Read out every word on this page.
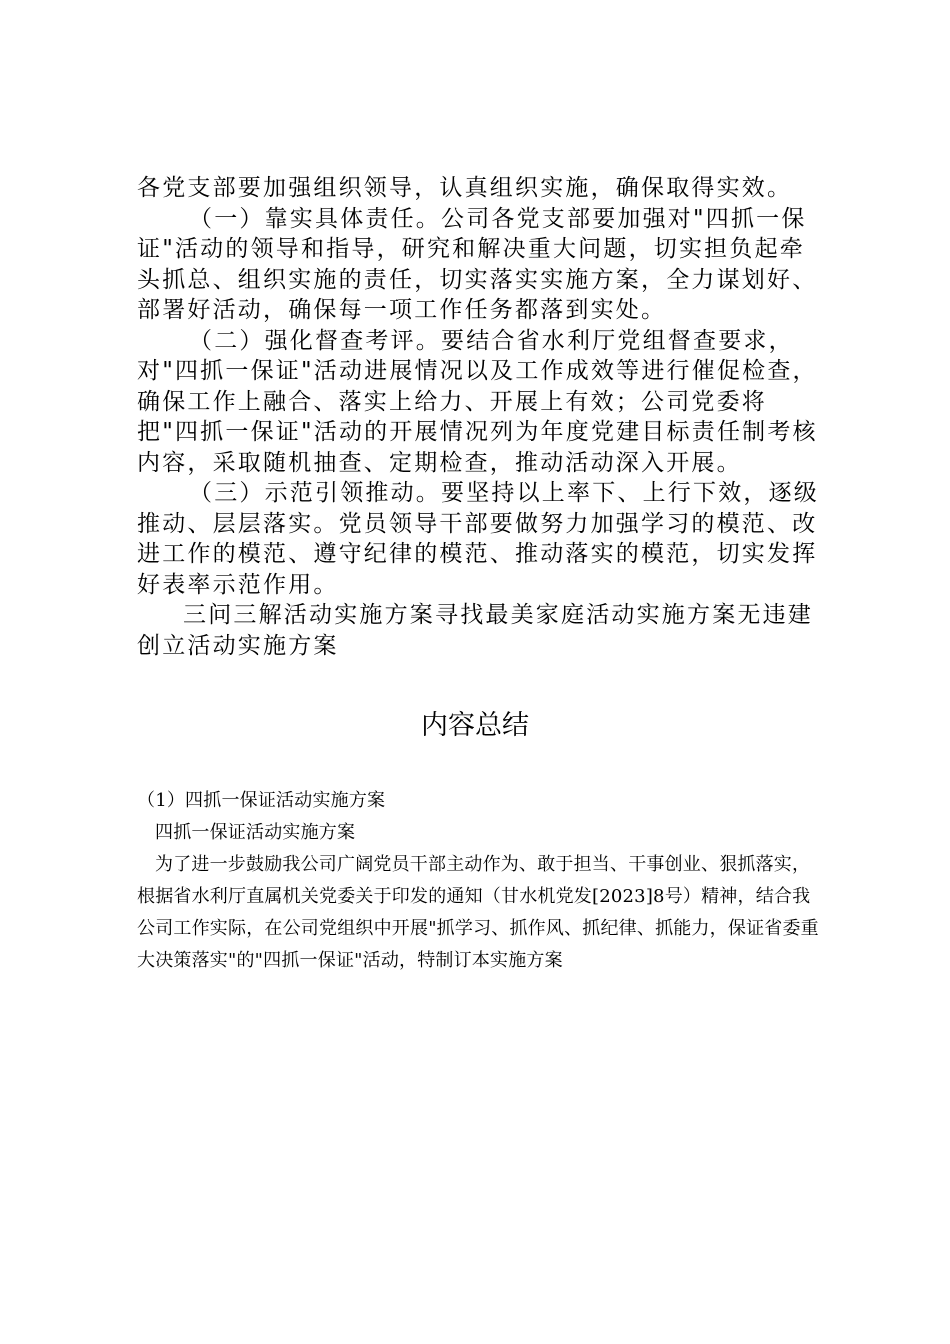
各党支部要加强组织领导，认真组织实施，确保取得实效。

（一）靠实具体责任。公司各党支部要加强对"四抓一保证"活动的领导和指导，研究和解决重大问题，切实担负起牵头抓总、组织实施的责任，切实落实实施方案，全力谋划好、部署好活动，确保每一项工作任务都落到实处。

（二）强化督查考评。要结合省水利厅党组督查要求，对"四抓一保证"活动进展情况以及工作成效等进行催促检查，确保工作上融合、落实上给力、开展上有效；公司党委将把"四抓一保证"活动的开展情况列为年度党建目标责任制考核内容，采取随机抽查、定期检查，推动活动深入开展。

（三）示范引领推动。要坚持以上率下、上行下效，逐级推动、层层落实。党员领导干部要做努力加强学习的模范、改进工作的模范、遵守纪律的模范、推动落实的模范，切实发挥好表率示范作用。

三问三解活动实施方案寻找最美家庭活动实施方案无违建创立活动实施方案

内容总结

（1）四抓一保证活动实施方案

四抓一保证活动实施方案

为了进一步鼓励我公司广阔党员干部主动作为、敢于担当、干事创业、狠抓落实，根据省水利厅直属机关党委关于印发的通知（甘水机党发[2023]8号）精神，结合我公司工作实际，在公司党组织中开展"抓学习、抓作风、抓纪律、抓能力，保证省委重大决策落实"的"四抓一保证"活动，特制订本实施方案
